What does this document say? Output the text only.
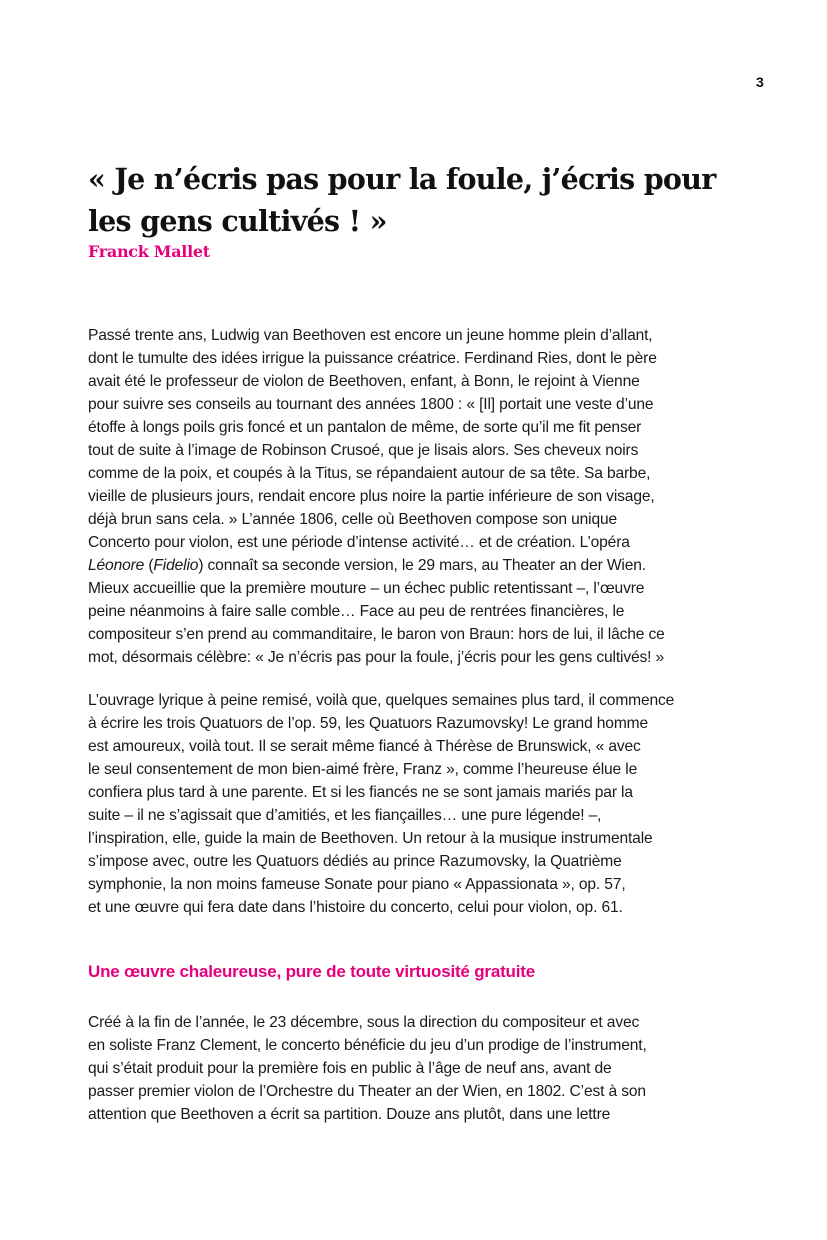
3
« Je n’écris pas pour la foule, j’écris pour
les gens cultivés ! »
Franck Mallet

Passé trente ans, Ludwig van Beethoven est encore un jeune homme plein d’allant,
dont le tumulte des idées irrigue la puissance créatrice. Ferdinand Ries, dont le père
avait été le professeur de violon de Beethoven, enfant, à Bonn, le rejoint à Vienne
pour suivre ses conseils au tournant des années 1800 : « [Il] portait une veste d’une
étoffe à longs poils gris foncé et un pantalon de même, de sorte qu’il me fit penser
tout de suite à l’image de Robinson Crusoé, que je lisais alors. Ses cheveux noirs
comme de la poix, et coupés à la Titus, se répandaient autour de sa tête. Sa barbe,
vieille de plusieurs jours, rendait encore plus noire la partie inférieure de son visage,
déjà brun sans cela. » L’année 1806, celle où Beethoven compose son unique
Concerto pour violon, est une période d’intense activité… et de création. L’opéra
Léonore (Fidelio) connaît sa seconde version, le 29 mars, au Theater an der Wien.
Mieux accueillie que la première mouture – un échec public retentissant –, l’œuvre
peine néanmoins à faire salle comble… Face au peu de rentrées financières, le
compositeur s’en prend au commanditaire, le baron von Braun: hors de lui, il lâche ce
mot, désormais célèbre: « Je n’écris pas pour la foule, j’écris pour les gens cultivés! »

L’ouvrage lyrique à peine remisé, voilà que, quelques semaines plus tard, il commence
à écrire les trois Quatuors de l’op. 59, les Quatuors Razumovsky! Le grand homme
est amoureux, voilà tout. Il se serait même fiancé à Thérèse de Brunswick, « avec
le seul consentement de mon bien-aimé frère, Franz », comme l’heureuse élue le
confiera plus tard à une parente. Et si les fiancés ne se sont jamais mariés par la
suite – il ne s’agissait que d’amitiés, et les fiançailles… une pure légende! –,
l’inspiration, elle, guide la main de Beethoven. Un retour à la musique instrumentale
s’impose avec, outre les Quatuors dédiés au prince Razumovsky, la Quatrième
symphonie, la non moins fameuse Sonate pour piano « Appassionata », op. 57,
et une œuvre qui fera date dans l’histoire du concerto, celui pour violon, op. 61.

Une œuvre chaleureuse, pure de toute virtuosité gratuite

Créé à la fin de l’année, le 23 décembre, sous la direction du compositeur et avec
en soliste Franz Clement, le concerto bénéficie du jeu d’un prodige de l’instrument,
qui s’était produit pour la première fois en public à l’âge de neuf ans, avant de
passer premier violon de l’Orchestre du Theater an der Wien, en 1802. C’est à son
attention que Beethoven a écrit sa partition. Douze ans plutôt, dans une lettre
